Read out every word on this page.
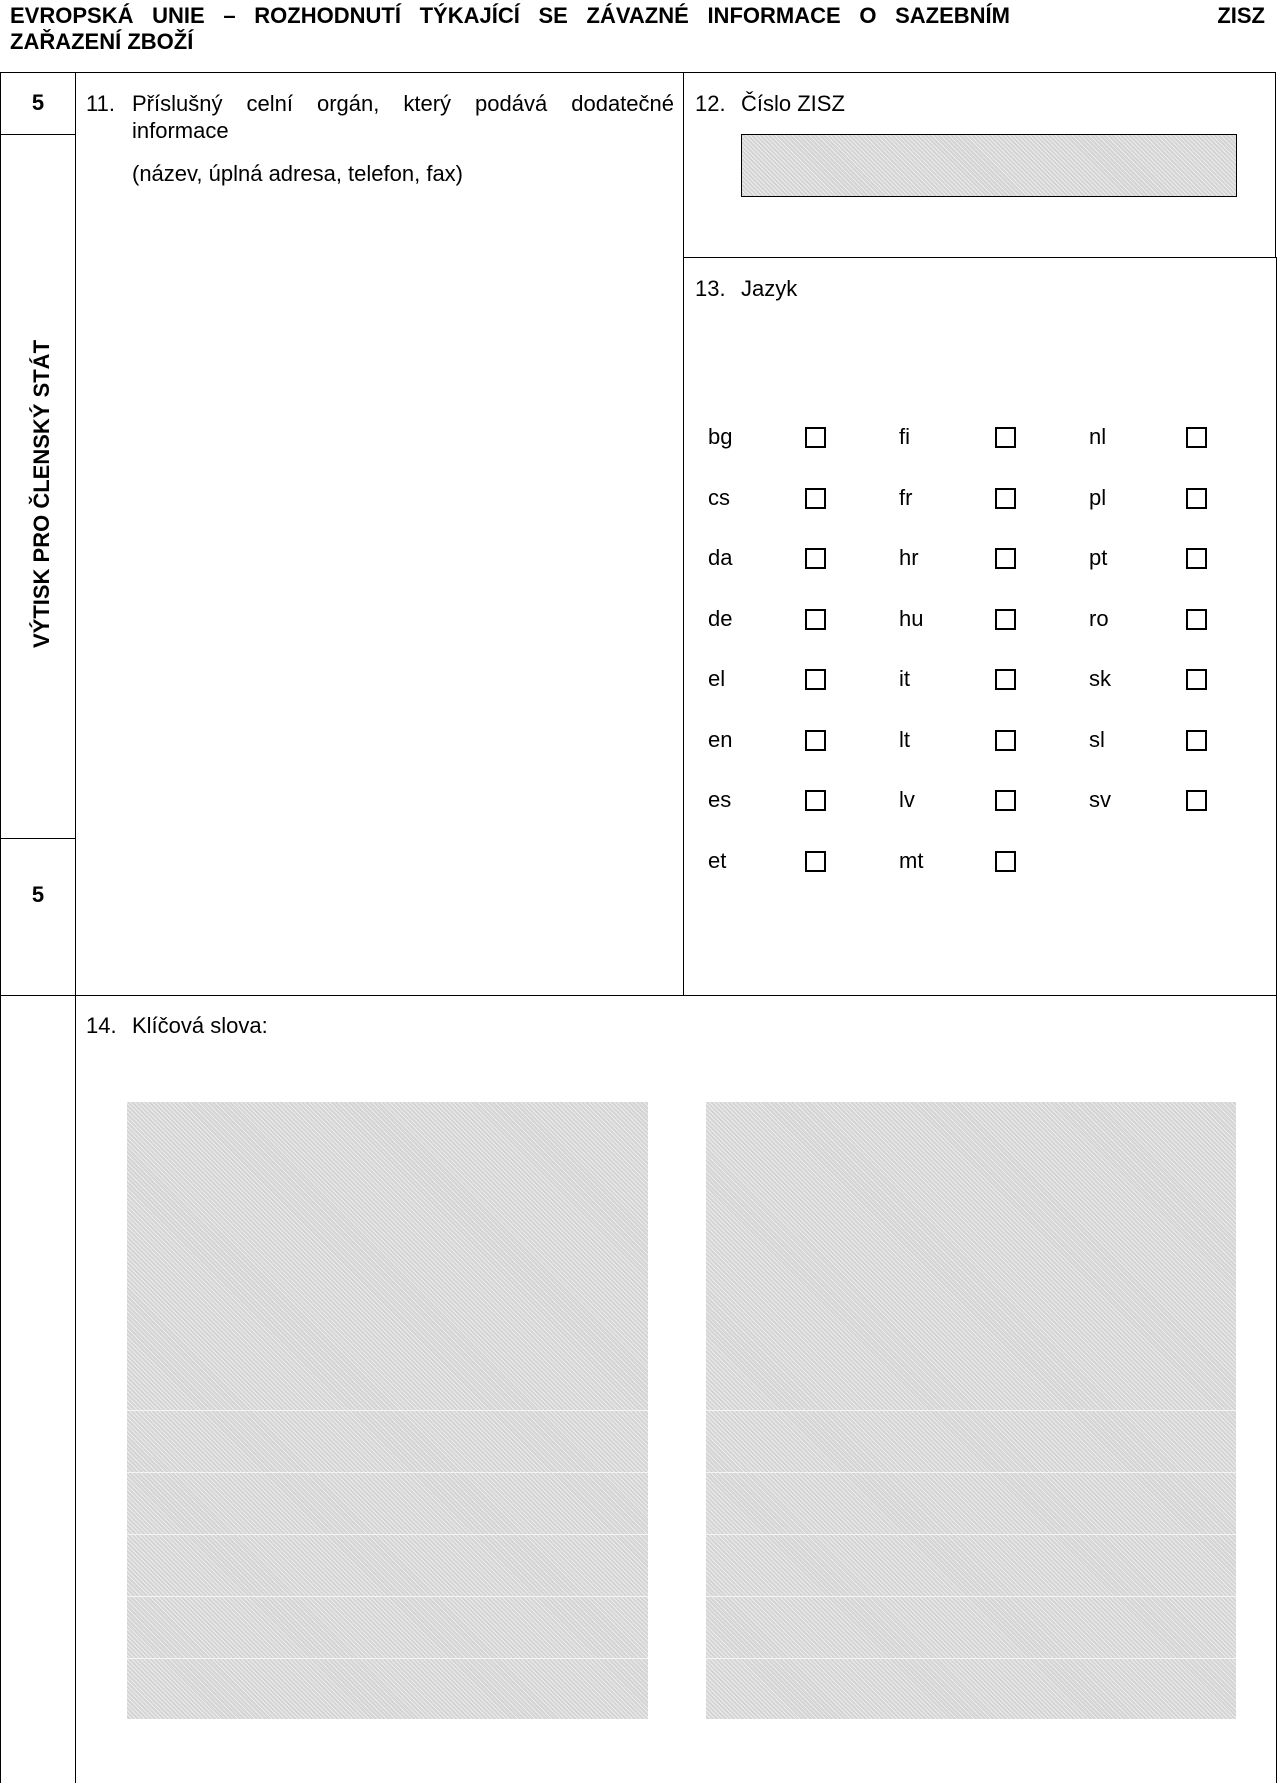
EVROPSKÁ UNIE – ROZHODNUTÍ TÝKAJÍCÍ SE ZÁVAZNÉ INFORMACE O SAZEBNÍM
ZAŘAZENÍ ZBOŽÍ
ZISZ
5
VÝTISK PRO ČLENSKÝ STÁT
5
11. Příslušný celní orgán, který podává dodatečné
informace
(název, úplná adresa, telefon, fax)
12. Číslo ZISZ
13. Jazyk
bg
cs
da
de
el
en
es
et
fi
fr
hr
hu
it
lt
lv
mt
nl
pl
pt
ro
sk
sl
sv
14. Klíčová slova:
